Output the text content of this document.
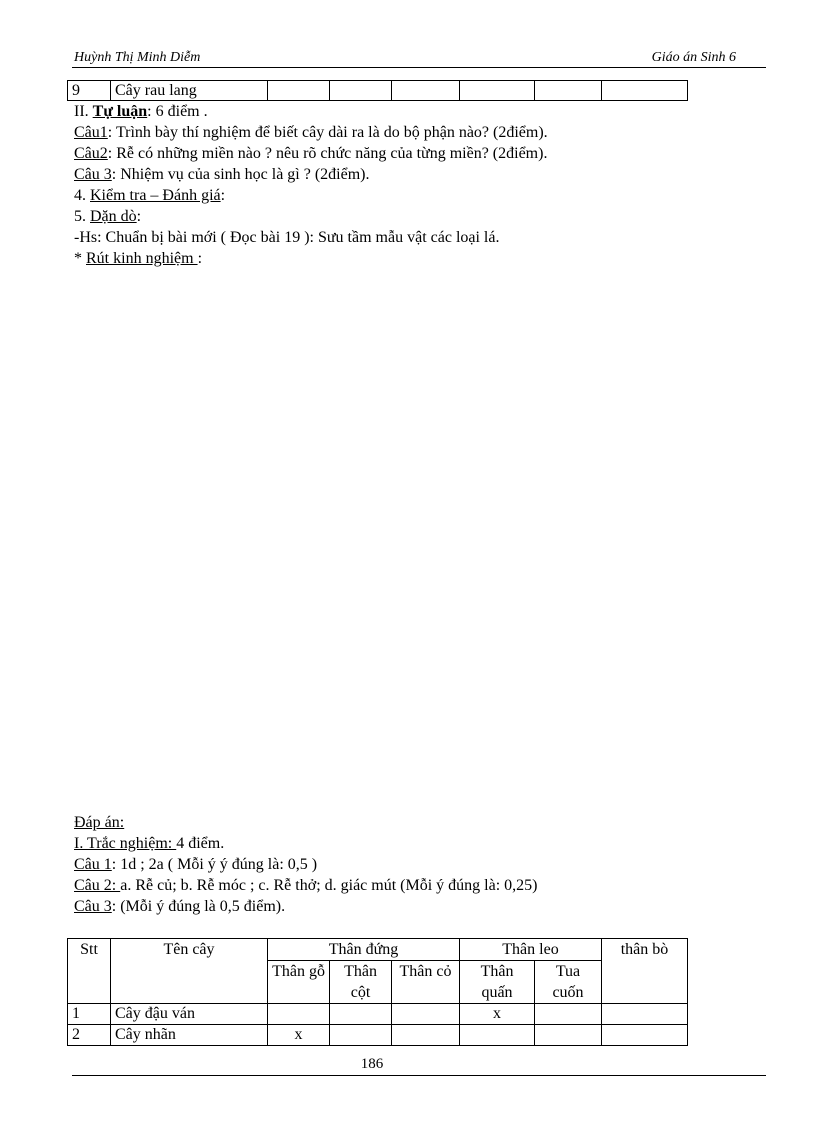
Huỳnh Thị Minh Diễm	Giáo án Sinh 6
9	Cây rau lang						

II. Tự luận: 6 điểm .

Câu1: Trình bày thí nghiệm để biết cây dài ra là do bộ phận nào? (2điểm).

Câu2: Rễ có những miền nào ? nêu rõ chức năng của từng miền? (2điểm).

Câu 3: Nhiệm vụ của sinh học là gì ? (2điểm).

4. Kiểm tra – Đánh giá:

5. Dặn dò:

-Hs: Chuẩn bị bài mới ( Đọc bài 19 ): Sưu tầm mẫu vật các loại lá.

* Rút kinh nghiệm :

Đáp án:

I. Trắc nghiệm: 4 điểm.

Câu 1: 1d ; 2a ( Mỗi ý ý đúng là: 0,5 )

Câu 2: a. Rễ củ; b. Rễ móc ; c. Rễ thở; d. giác mút (Mỗi ý đúng là: 0,25)

Câu 3: (Mỗi ý đúng là 0,5 điểm).

Stt	Tên cây	Thân đứng			Thân leo		thân bò
		Thân gỗ	Thân cột	Thân cỏ	Thân quấn	Tua cuốn	
1	Cây đậu ván				x		
2	Cây nhãn	x					
186
